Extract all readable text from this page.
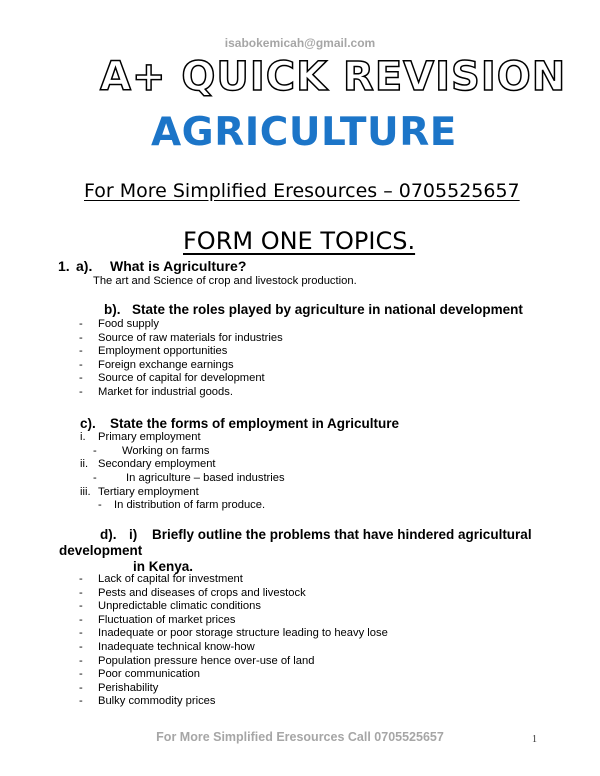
isabokemicah@gmail.com
A+ QUICK REVISION
AGRICULTURE
For More Simplified Eresources – 0705525657
FORM ONE TOPICS.
1. a). What is Agriculture?
The art and Science of crop and livestock production.
b). State the roles played by agriculture in national development
- Food supply
- Source of raw materials for industries
- Employment opportunities
- Foreign exchange earnings
- Source of capital for development
- Market for industrial goods.
c). State the forms of employment in Agriculture
i. Primary employment
- Working on farms
ii. Secondary employment
-	In agriculture – based industries
iii. Tertiary employment
- In distribution of farm produce.
d). i) Briefly outline the problems that have hindered agricultural
development
in Kenya.
- Lack of capital for investment
- Pests and diseases of crops and livestock
- Unpredictable climatic conditions
- Fluctuation of market prices
- Inadequate or poor storage structure leading to heavy lose
- Inadequate technical know-how
- Population pressure hence over-use of land
- Poor communication
- Perishability
- Bulky commodity prices
For More Simplified Eresources Call 0705525657	1
